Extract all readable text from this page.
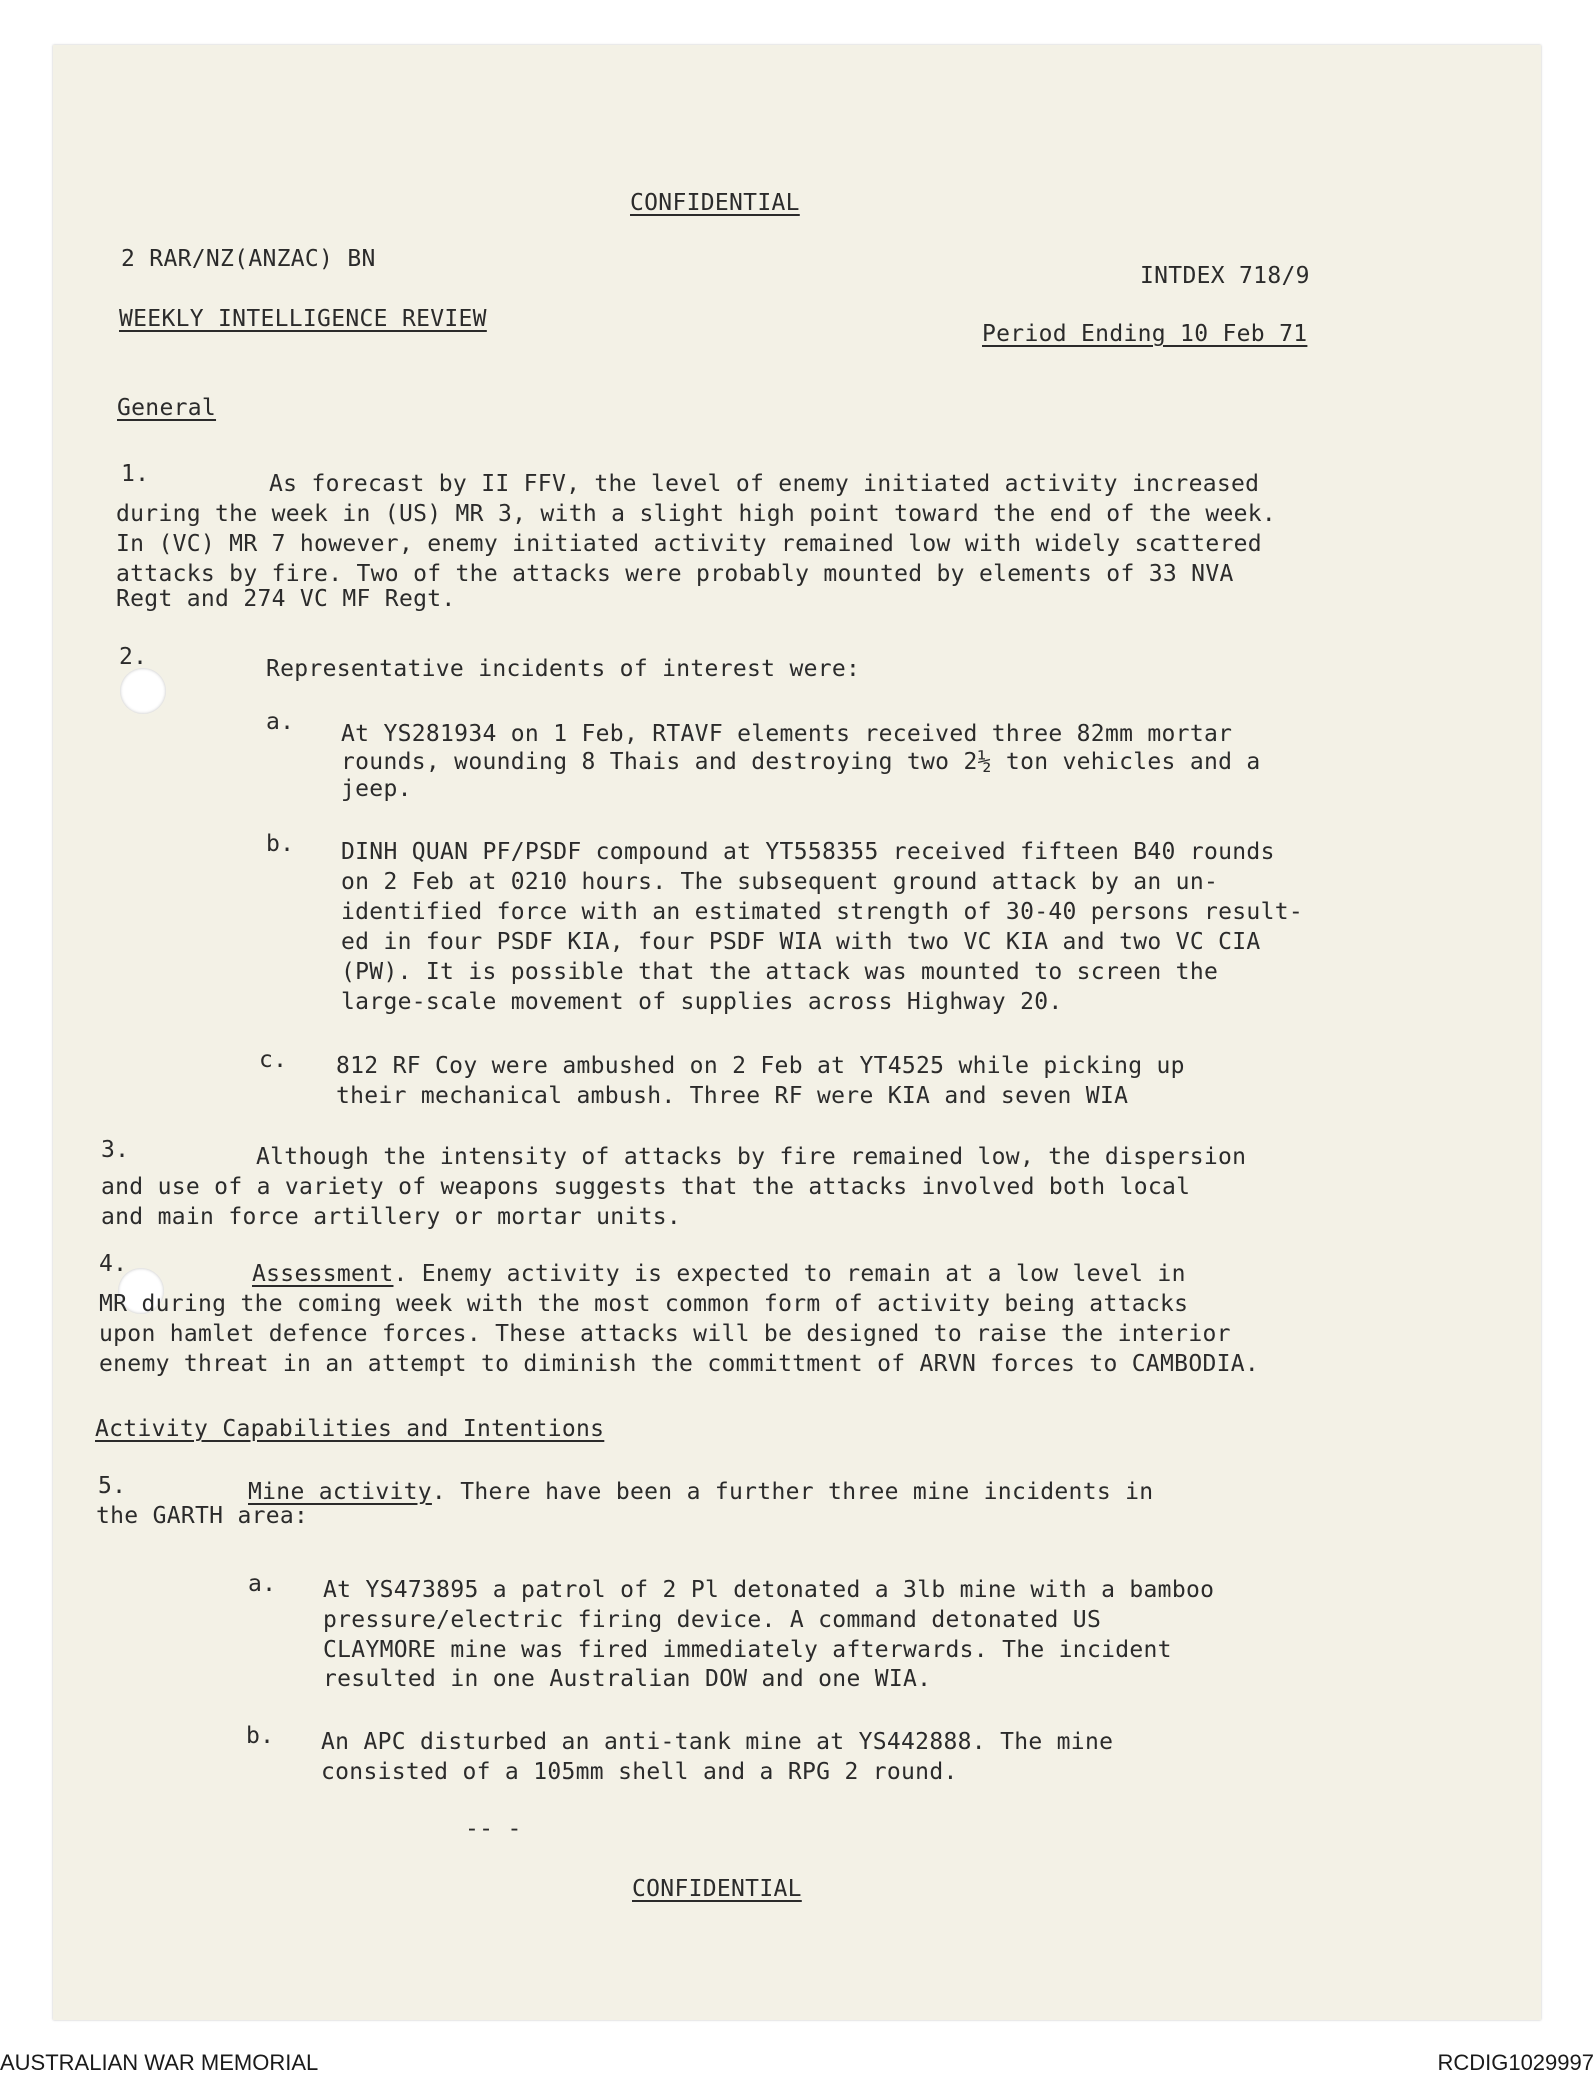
CONFIDENTIAL
2 RAR/NZ(ANZAC) BN
INTDEX 718/9
WEEKLY INTELLIGENCE REVIEW
Period Ending 10 Feb 71
General
1.	As forecast by II FFV, the level of enemy initiated activity increased
during the week in (US) MR 3, with a slight high point toward the end of the week.
In (VC) MR 7 however, enemy initiated activity remained low with widely scattered
attacks by fire. Two of the attacks were probably mounted by elements of 33 NVA
Regt and 274 VC MF Regt.
2.	Representative incidents of interest were:
a. At YS281934 on 1 Feb, RTAVF elements received three 82mm mortar
rounds, wounding 8 Thais and destroying two 2½ ton vehicles and a
jeep.
b. DINH QUAN PF/PSDF compound at YT558355 received fifteen B40 rounds
on 2 Feb at 0210 hours. The subsequent ground attack by an un-
identified force with an estimated strength of 30-40 persons result-
ed in four PSDF KIA, four PSDF WIA with two VC KIA and two VC CIA
(PW). It is possible that the attack was mounted to screen the
large-scale movement of supplies across Highway 20.
c. 812 RF Coy were ambushed on 2 Feb at YT4525 while picking up
their mechanical ambush. Three RF were KIA and seven WIA
3.	Although the intensity of attacks by fire remained low, the dispersion
and use of a variety of weapons suggests that the attacks involved both local
and main force artillery or mortar units.
4.	Assessment. Enemy activity is expected to remain at a low level in
MR during the coming week with the most common form of activity being attacks
upon hamlet defence forces. These attacks will be designed to raise the interior
enemy threat in an attempt to diminish the committment of ARVN forces to CAMBODIA.
Activity Capabilities and Intentions
5.	Mine activity. There have been a further three mine incidents in
the GARTH area:
a. At YS473895 a patrol of 2 Pl detonated a 3lb mine with a bamboo
pressure/electric firing device. A command detonated US
CLAYMORE mine was fired immediately afterwards. The incident
resulted in one Australian DOW and one WIA.
b. An APC disturbed an anti-tank mine at YS442888. The mine
consisted of a 105mm shell and a RPG 2 round.
-- -
CONFIDENTIAL
AUSTRALIAN WAR MEMORIAL	RCDIG1029997
